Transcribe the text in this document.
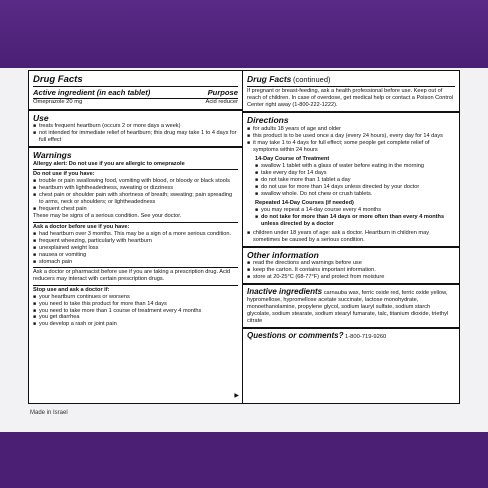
Drug Facts
Active ingredient (in each tablet)	Purpose
Omeprazole 20 mg	Acid reducer
Use
■ treats frequent heartburn (occurs 2 or more days a week)
■ not intended for immediate relief of heartburn; this drug may take 1 to 4 days for full effect
Warnings
Allergy alert: Do not use if you are allergic to omeprazole
Do not use if you have:
■ trouble or pain swallowing food, vomiting with blood, or bloody or black stools
■ heartburn with lightheadedness, sweating or dizziness
■ chest pain or shoulder pain with shortness of breath; sweating; pain spreading to arms, neck or shoulders; or lightheadedness
■ frequent chest pain
These may be signs of a serious condition. See your doctor.
Ask a doctor before use if you have:
■ had heartburn over 3 months. This may be a sign of a more serious condition.
■ frequent wheezing, particularly with heartburn
■ unexplained weight loss
■ nausea or vomiting
■ stomach pain
Ask a doctor or pharmacist before use if you are taking a prescription drug. Acid reducers may interact with certain prescription drugs.
Stop use and ask a doctor if:
■ your heartburn continues or worsens
■ you need to take this product for more than 14 days
■ you need to take more than 1 course of treatment every 4 months
■ you get diarrhea
■ you develop a rash or joint pain
▶
Drug Facts (continued)
If pregnant or breast-feeding, ask a health professional before use. Keep out of reach of children. In case of overdose, get medical help or contact a Poison Control Center right away (1-800-222-1222).
Directions
■ for adults 18 years of age and older
■ this product is to be used once a day (every 24 hours), every day for 14 days
■ it may take 1 to 4 days for full effect; some people get complete relief of symptoms within 24 hours
14-Day Course of Treatment
■ swallow 1 tablet with a glass of water before eating in the morning
■ take every day for 14 days
■ do not take more than 1 tablet a day
■ do not use for more than 14 days unless directed by your doctor
■ swallow whole. Do not chew or crush tablets.
Repeated 14-Day Courses (if needed)
■ you may repeat a 14-day course every 4 months
■ do not take for more than 14 days or more often than every 4 months unless directed by a doctor
■ children under 18 years of age: ask a doctor. Heartburn in children may sometimes be caused by a serious condition.
Other information
■ read the directions and warnings before use
■ keep the carton. It contains important information.
■ store at 20-25°C (68-77°F) and protect from moisture
Inactive ingredients carnauba wax, ferric oxide red, ferric oxide yellow, hypromellose, hypromellose acetate succinate, lactose monohydrate, monoethanolamine, propylene glycol, sodium lauryl sulfate, sodium starch glycolate, sodium stearate, sodium stearyl fumarate, talc, titanium dioxide, triethyl citrate
Questions or comments? 1-800-719-9260
Made in Israel
